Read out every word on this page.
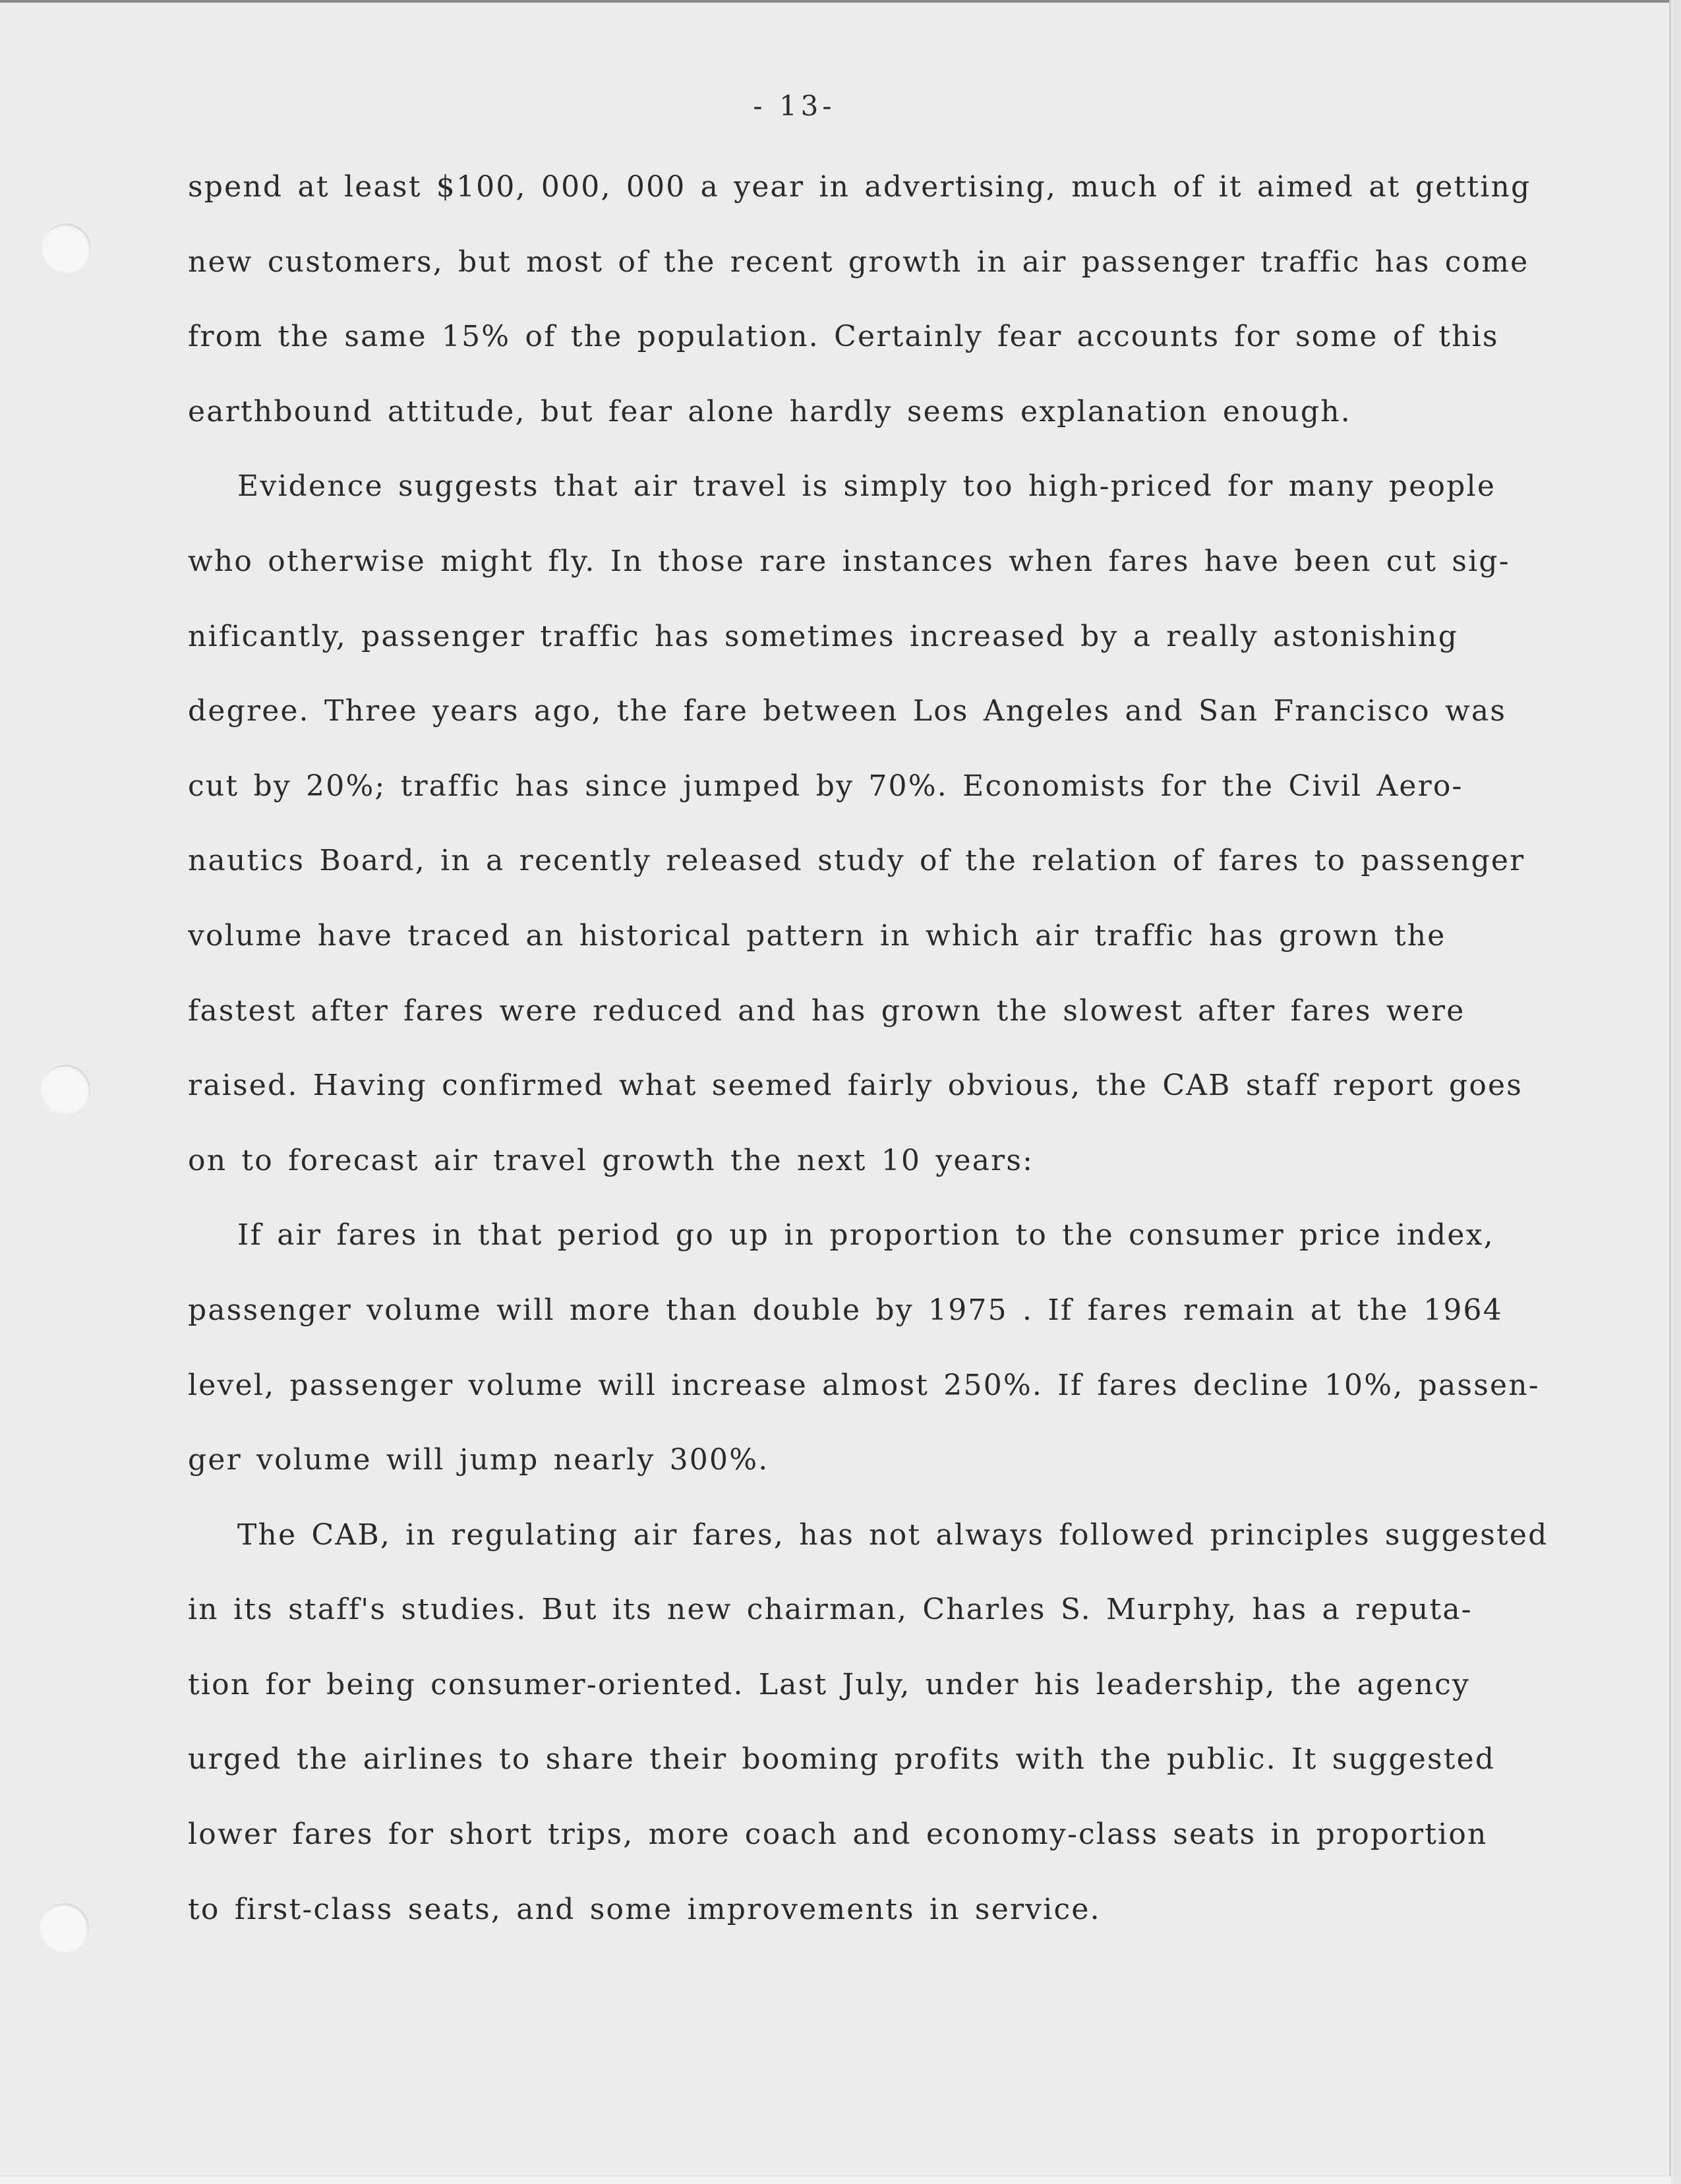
- 13-
spend at least $100, 000, 000 a year in advertising, much of it aimed at getting
new customers, but most of the recent growth in air passenger traffic has come
from the same 15% of the population. Certainly fear accounts for some of this
earthbound attitude, but fear alone hardly seems explanation enough.
Evidence suggests that air travel is simply too high-priced for many people
who otherwise might fly. In those rare instances when fares have been cut sig-
nificantly, passenger traffic has sometimes increased by a really astonishing
degree. Three years ago, the fare between Los Angeles and San Francisco was
cut by 20%; traffic has since jumped by 70%. Economists for the Civil Aero-
nautics Board, in a recently released study of the relation of fares to passenger
volume have traced an historical pattern in which air traffic has grown the
fastest after fares were reduced and has grown the slowest after fares were
raised. Having confirmed what seemed fairly obvious, the CAB staff report goes
on to forecast air travel growth the next 10 years:
If air fares in that period go up in proportion to the consumer price index,
passenger volume will more than double by 1975 . If fares remain at the 1964
level, passenger volume will increase almost 250%. If fares decline 10%, passen-
ger volume will jump nearly 300%.
The CAB, in regulating air fares, has not always followed principles suggested
in its staff's studies. But its new chairman, Charles S. Murphy, has a reputa-
tion for being consumer-oriented. Last July, under his leadership, the agency
urged the airlines to share their booming profits with the public. It suggested
lower fares for short trips, more coach and economy-class seats in proportion
to first-class seats, and some improvements in service.
